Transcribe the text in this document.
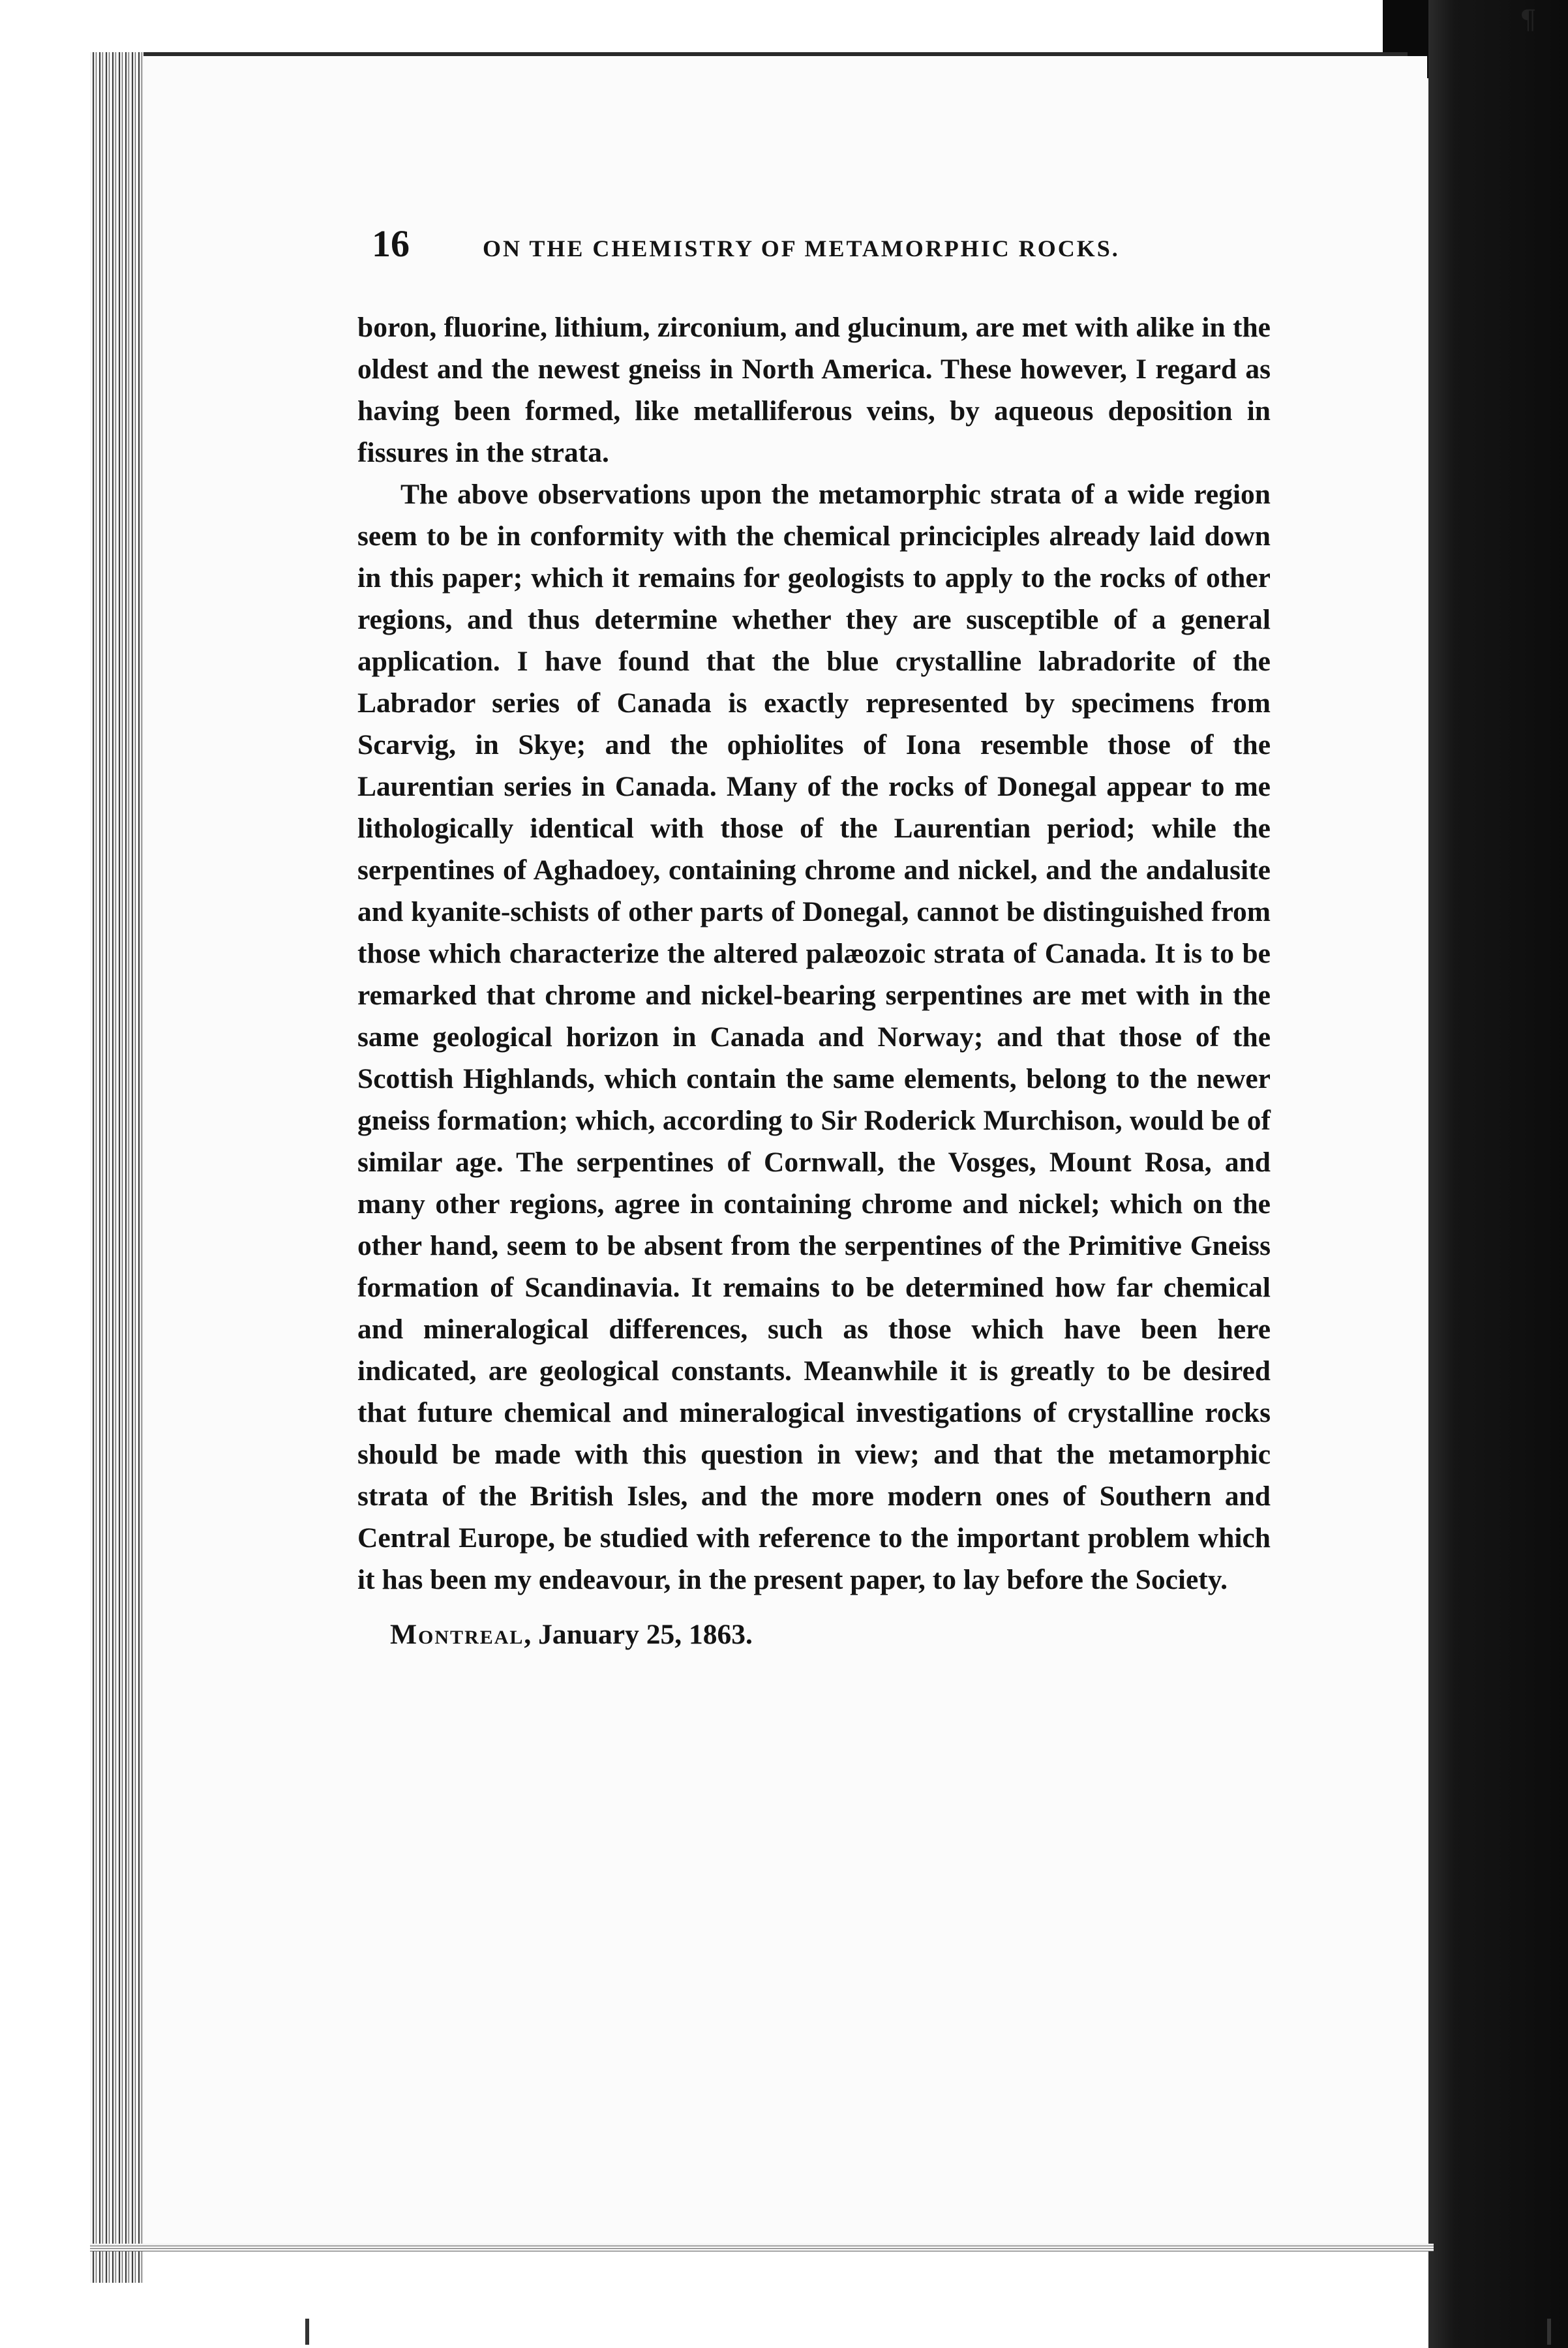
¶
16	ON THE CHEMISTRY OF METAMORPHIC ROCKS.

boron, fluorine, lithium, zirconium, and glucinum, are met with alike in the oldest and the newest gneiss in North America. These however, I regard as having been formed, like metalliferous veins, by aqueous deposition in fissures in the strata.

The above observations upon the metamorphic strata of a wide region seem to be in conformity with the chemical princiciples already laid down in this paper; which it remains for geologists to apply to the rocks of other regions, and thus determine whether they are susceptible of a general application. I have found that the blue crystalline labradorite of the Labrador series of Canada is exactly represented by specimens from Scarvig, in Skye; and the ophiolites of Iona resemble those of the Laurentian series in Canada. Many of the rocks of Donegal appear to me lithologically identical with those of the Laurentian period; while the serpentines of Aghadoey, containing chrome and nickel, and the andalusite and kyanite-schists of other parts of Donegal, cannot be distinguished from those which characterize the altered palæozoic strata of Canada. It is to be remarked that chrome and nickel-bearing serpentines are met with in the same geological horizon in Canada and Norway; and that those of the Scottish Highlands, which contain the same elements, belong to the newer gneiss formation; which, according to Sir Roderick Murchison, would be of similar age. The serpentines of Cornwall, the Vosges, Mount Rosa, and many other regions, agree in containing chrome and nickel; which on the other hand, seem to be absent from the serpentines of the Primitive Gneiss formation of Scandinavia. It remains to be determined how far chemical and mineralogical differences, such as those which have been here indicated, are geological constants. Meanwhile it is greatly to be desired that future chemical and mineralogical investigations of crystalline rocks should be made with this question in view; and that the metamorphic strata of the British Isles, and the more modern ones of Southern and Central Europe, be studied with reference to the important problem which it has been my endeavour, in the present paper, to lay before the Society.

Montreal, January 25, 1863.
